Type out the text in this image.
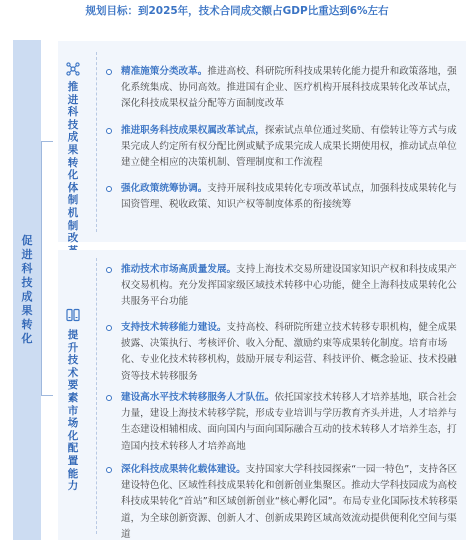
规划目标：到2025年，技术合同成交额占GDP比重达到6%左右
促进科技成果转化
推进科技成果转化体制机制改
精准施策分类改革。推进高校、科研院所科技成果转化能力提升和政策落地，强化系统集成、协同高效。推进国有企业、医疗机构开展科技成果转化改革试点，深化科技成果权益分配等方面制度改革
推进职务科技成果权属改革试点，探索试点单位通过奖励、有偿转让等方式与成果完成人约定所有权分配比例或赋予成果完成人成果长期使用权，推动试点单位建立健全相应的决策机制、管理制度和工作流程
强化政策统筹协调。支持开展科技成果转化专项改革试点，加强科技成果转化与国资管理、税收政策、知识产权等制度体系的衔接统筹
提升技术要素市场化配置能力
推动技术市场高质量发展。支持上海技术交易所建设国家知识产权和科技成果产权交易机构。充分发挥国家级区域技术转移中心功能，健全上海科技成果转化公共服务平台功能
支持技术转移能力建设。支持高校、科研院所建立技术转移专职机构，健全成果披露、决策执行、考核评价、收入分配、激励约束等成果转化制度。培育市场化、专业化技术转移机构，鼓励开展专利运营、科技评价、概念验证、技术投融资等技术转移服务
建设高水平技术转移服务人才队伍。依托国家技术转移人才培养基地，联合社会力量，建设上海技术转移学院，形成专业培训与学历教育齐头并进，人才培养与生态建设相辅相成、面向国内与面向国际融合互动的技术转移人才培养生态，打造国内技术转移人才培养高地
深化科技成果转化载体建设。支持国家大学科技园探索“一园一特色”，支持各区建设特色化、区域性科技成果转化和创新创业集聚区。推动大学科技园成为高校科技成果转化“首站”和区域创新创业“核心孵化园”。布局专业化国际技术转移渠道，为全球创新资源、创新人才、创新成果跨区域高效流动提供便利化空间与渠道
